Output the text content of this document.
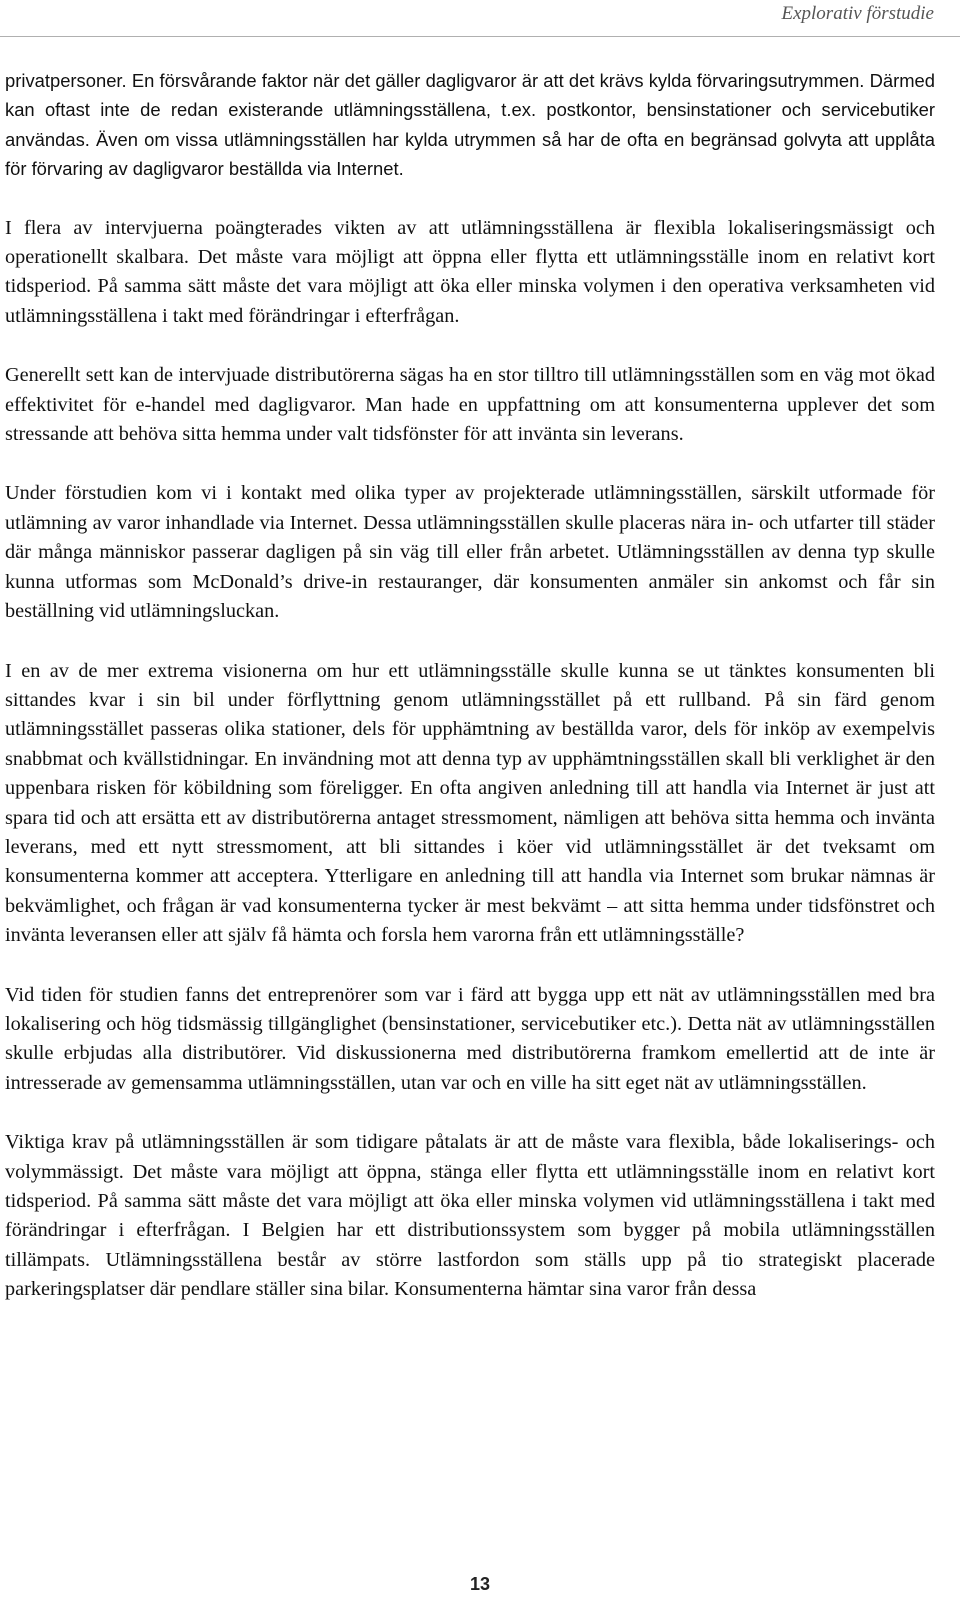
Explorativ förstudie

privatpersoner. En försvårande faktor när det gäller dagligvaror är att det krävs kylda förvaringsutrymmen. Därmed kan oftast inte de redan existerande utlämningsställena, t.ex. postkontor, bensinstationer och servicebutiker användas. Även om vissa utlämningsställen har kylda utrymmen så har de ofta en begränsad golvyta att upplåta för förvaring av dagligvaror beställda via Internet.

I flera av intervjuerna poängterades vikten av att utlämningsställena är flexibla lokaliseringsmässigt och operationellt skalbara. Det måste vara möjligt att öppna eller flytta ett utlämningsställe inom en relativt kort tidsperiod. På samma sätt måste det vara möjligt att öka eller minska volymen i den operativa verksamheten vid utlämningsställena i takt med förändringar i efterfrågan.

Generellt sett kan de intervjuade distributörerna sägas ha en stor tilltro till utlämningsställen som en väg mot ökad effektivitet för e-handel med dagligvaror. Man hade en uppfattning om att konsumenterna upplever det som stressande att behöva sitta hemma under valt tidsfönster för att invänta sin leverans.

Under förstudien kom vi i kontakt med olika typer av projekterade utlämningsställen, särskilt utformade för utlämning av varor inhandlade via Internet. Dessa utlämningsställen skulle placeras nära in- och utfarter till städer där många människor passerar dagligen på sin väg till eller från arbetet. Utlämningsställen av denna typ skulle kunna utformas som McDonald’s drive-in restauranger, där konsumenten anmäler sin ankomst och får sin beställning vid utlämningsluckan.

I en av de mer extrema visionerna om hur ett utlämningsställe skulle kunna se ut tänktes konsumenten bli sittandes kvar i sin bil under förflyttning genom utlämningsstället på ett rullband. På sin färd genom utlämningsstället passeras olika stationer, dels för upphämtning av beställda varor, dels för inköp av exempelvis snabbmat och kvällstidningar. En invändning mot att denna typ av upphämtningsställen skall bli verklighet är den uppenbara risken för köbildning som föreligger. En ofta angiven anledning till att handla via Internet är just att spara tid och att ersätta ett av distributörerna antaget stressmoment, nämligen att behöva sitta hemma och invänta leverans, med ett nytt stressmoment, att bli sittandes i köer vid utlämningsstället är det tveksamt om konsumenterna kommer att acceptera. Ytterligare en anledning till att handla via Internet som brukar nämnas är bekvämlighet, och frågan är vad konsumenterna tycker är mest bekvämt – att sitta hemma under tidsfönstret och invänta leveransen eller att själv få hämta och forsla hem varorna från ett utlämningsställe?

Vid tiden för studien fanns det entreprenörer som var i färd att bygga upp ett nät av utlämningsställen med bra lokalisering och hög tidsmässig tillgänglighet (bensinstationer, servicebutiker etc.). Detta nät av utlämningsställen skulle erbjudas alla distributörer. Vid diskussionerna med distributörerna framkom emellertid att de inte är intresserade av gemensamma utlämningsställen, utan var och en ville ha sitt eget nät av utlämningsställen.

Viktiga krav på utlämningsställen är som tidigare påtalats är att de måste vara flexibla, både lokaliserings- och volymmässigt. Det måste vara möjligt att öppna, stänga eller flytta ett utlämningsställe inom en relativt kort tidsperiod. På samma sätt måste det vara möjligt att öka eller minska volymen vid utlämningsställena i takt med förändringar i efterfrågan. I Belgien har ett distributionssystem som bygger på mobila utlämningsställen tillämpats. Utlämningsställena består av större lastfordon som ställs upp på tio strategiskt placerade parkeringsplatser där pendlare ställer sina bilar. Konsumenterna hämtar sina varor från dessa

13
